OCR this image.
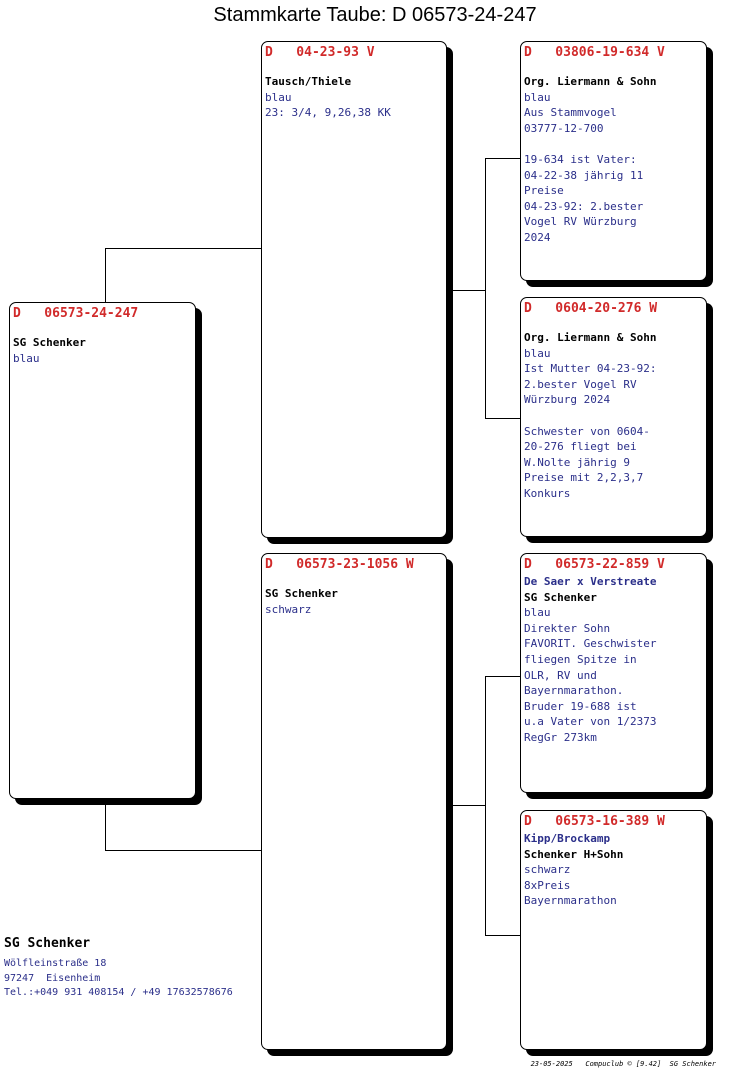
Stammkarte Taube: D 06573-24-247
D   06573-24-247
SG Schenker
blau
D   04-23-93 V
Tausch/Thiele
blau
23: 3/4, 9,26,38 KK
D   06573-23-1056 W
SG Schenker
schwarz
D   03806-19-634 V
Org. Liermann & Sohn
blau
Aus Stammvogel
03777-12-700
19-634 ist Vater:
04-22-38 jährig 11
Preise
04-23-92: 2.bester
Vogel RV Würzburg
2024
D   0604-20-276 W
Org. Liermann & Sohn
blau
Ist Mutter 04-23-92:
2.bester Vogel RV
Würzburg 2024
Schwester von 0604-
20-276 fliegt bei
W.Nolte jährig 9
Preise mit 2,2,3,7
Konkurs
D   06573-22-859 V
De Saer x Verstreate
SG Schenker
blau
Direkter Sohn
FAVORIT. Geschwister
fliegen Spitze in
OLR, RV und
Bayernmarathon.
Bruder 19-688 ist
u.a Vater von 1/2373
RegGr 273km
D   06573-16-389 W
Kipp/Brockamp
Schenker H+Sohn
schwarz
8xPreis
Bayernmarathon
SG Schenker
Wölfleinstraße 18
97247  Eisenheim
Tel.:+049 931 408154 / +49 17632578676
23-05-2025   Compuclub © [9.42]  SG Schenker
